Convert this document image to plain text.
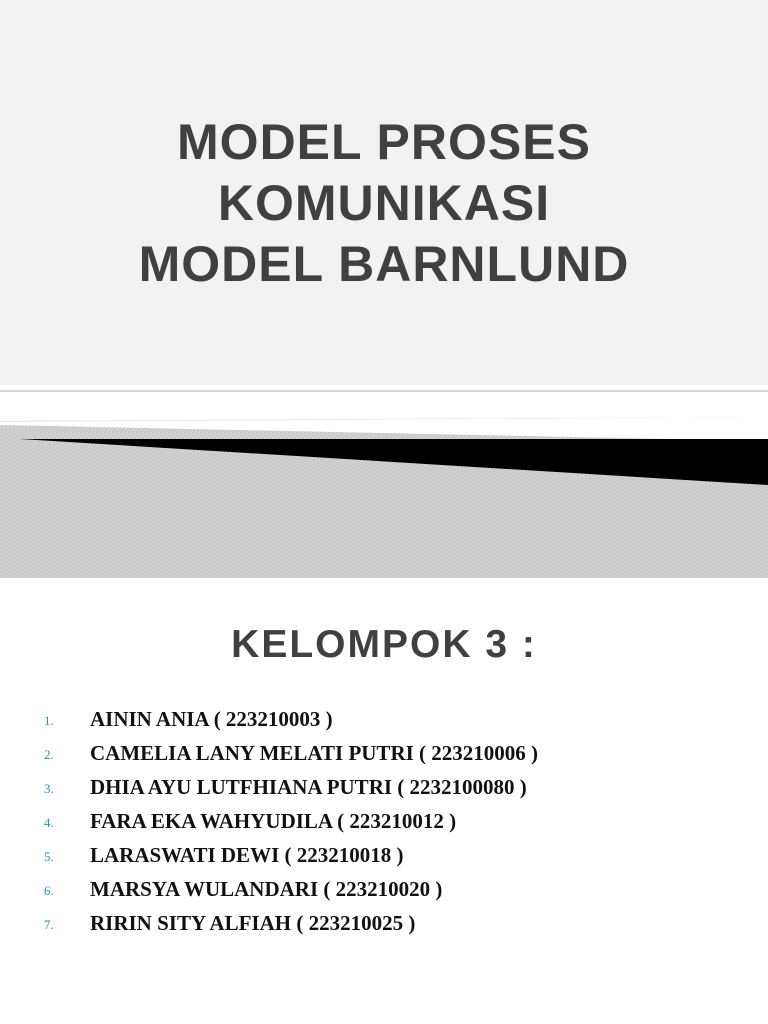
MODEL PROSES
KOMUNIKASI
MODEL BARNLUND
KELOMPOK 3 :
1. AININ ANIA ( 223210003 )
2. CAMELIA LANY MELATI PUTRI ( 223210006 )
3. DHIA AYU LUTFHIANA PUTRI ( 2232100080 )
4. FARA EKA WAHYUDILA ( 223210012 )
5. LARASWATI DEWI ( 223210018 )
6. MARSYA WULANDARI ( 223210020 )
7. RIRIN SITY ALFIAH ( 223210025 )
